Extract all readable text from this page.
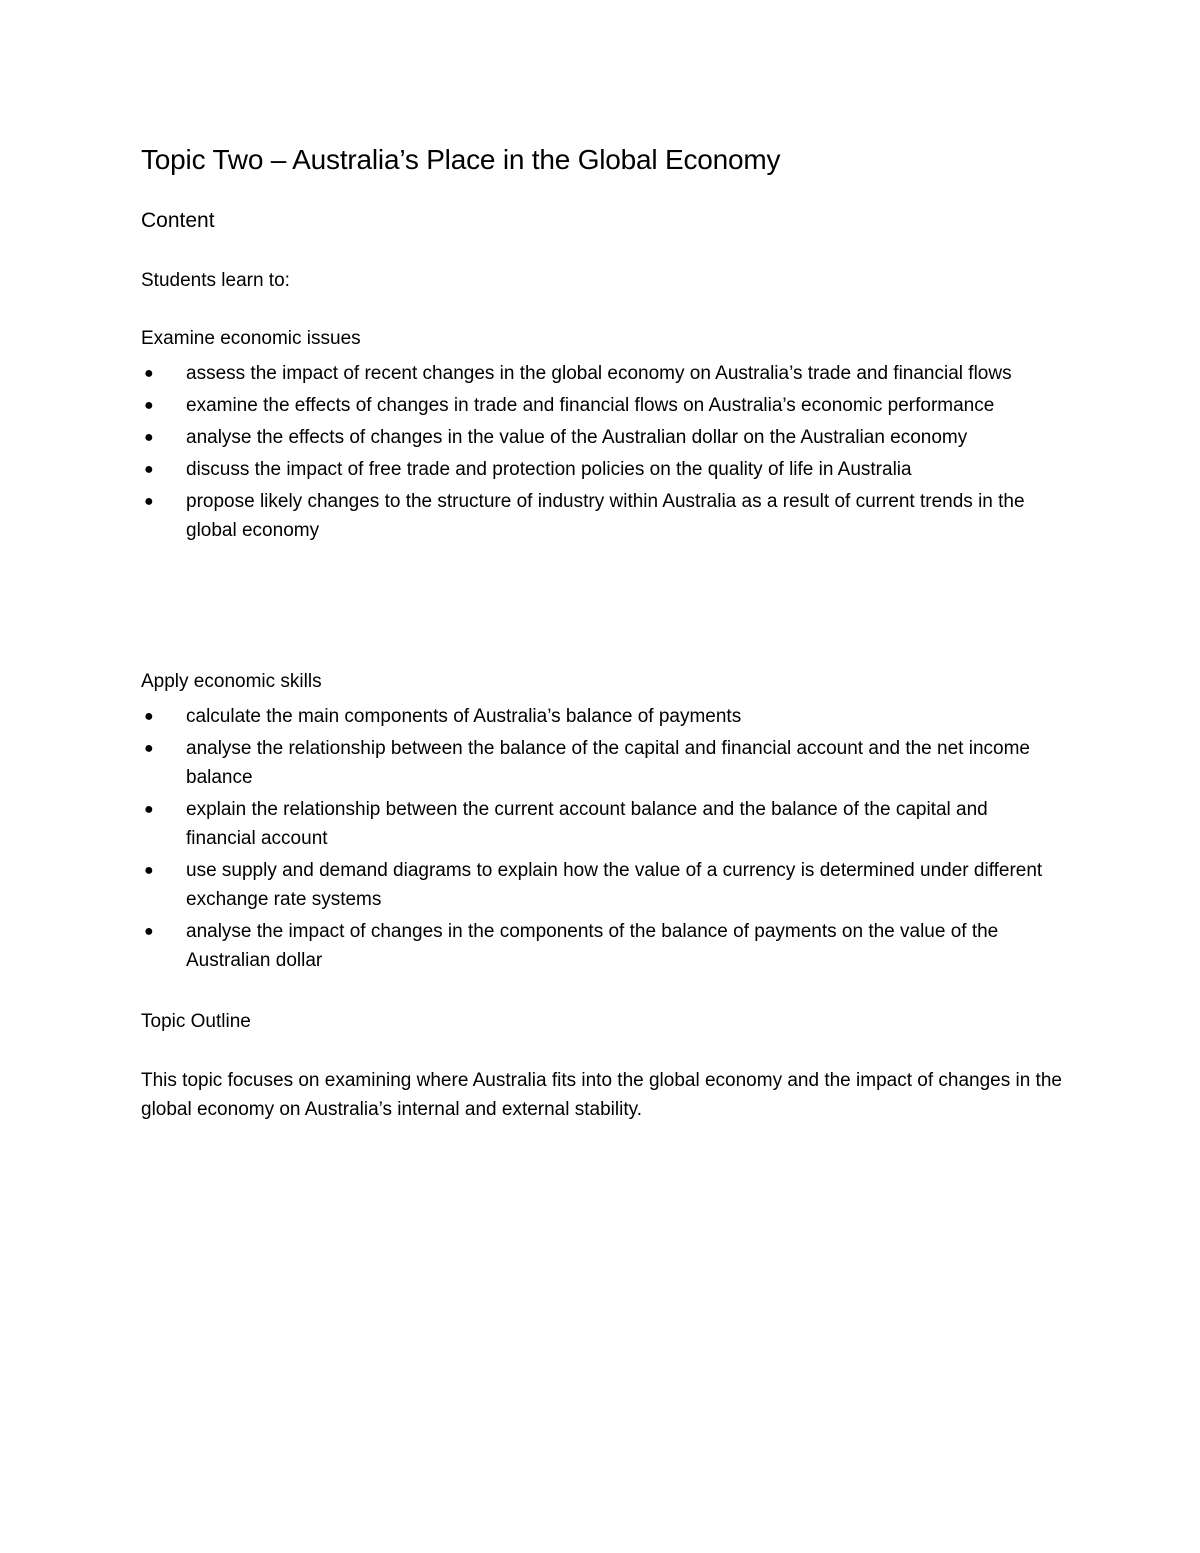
Topic Two – Australia’s Place in the Global Economy
Content

Students learn to:

Examine economic issues

● assess the impact of recent changes in the global economy on Australia’s trade and financial flows
● examine the effects of changes in trade and financial flows on Australia’s economic performance
● analyse the effects of changes in the value of the Australian dollar on the Australian economy
● discuss the impact of free trade and protection policies on the quality of life in Australia
● propose likely changes to the structure of industry within Australia as a result of current trends in the global economy

Apply economic skills

● calculate the main components of Australia’s balance of payments
● analyse the relationship between the balance of the capital and financial account and the net income balance
● explain the relationship between the current account balance and the balance of the capital and financial account
● use supply and demand diagrams to explain how the value of a currency is determined under different exchange rate systems
● analyse the impact of changes in the components of the balance of payments on the value of the Australian dollar

Topic Outline

This topic focuses on examining where Australia fits into the global economy and the impact of changes in the global economy on Australia’s internal and external stability.
